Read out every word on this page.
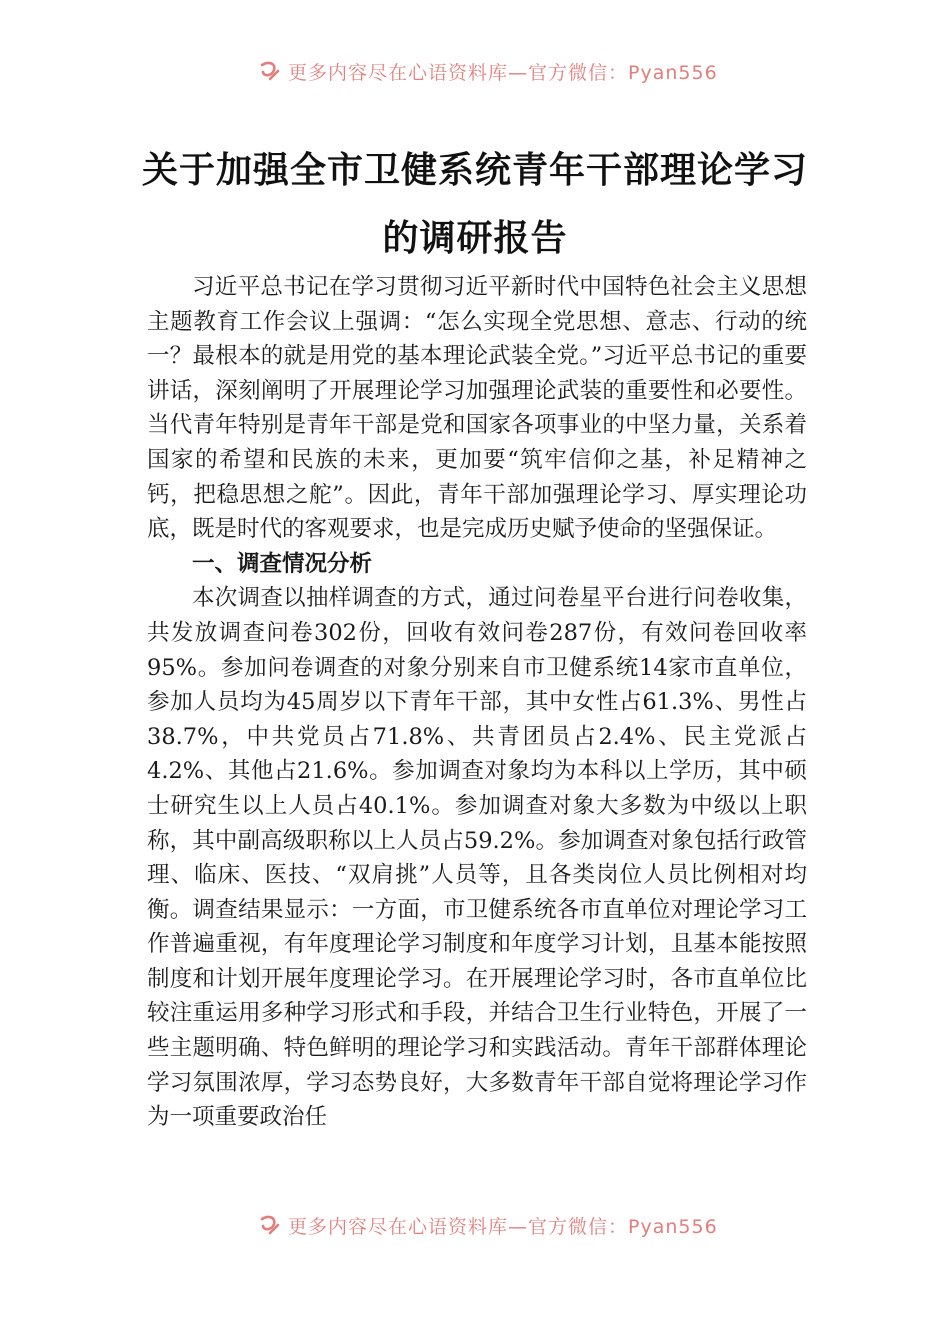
更多内容尽在心语资料库—官方微信：Pyan556
关于加强全市卫健系统青年干部理论学习
的调研报告

习近平总书记在学习贯彻习近平新时代中国特色社会主义思想主题教育工作会议上强调：“怎么实现全党思想、意志、行动的统一？最根本的就是用党的基本理论武装全党。”习近平总书记的重要讲话，深刻阐明了开展理论学习加强理论武装的重要性和必要性。当代青年特别是青年干部是党和国家各项事业的中坚力量，关系着国家的希望和民族的未来，更加要“筑牢信仰之基，补足精神之钙，把稳思想之舵”。因此，青年干部加强理论学习、厚实理论功底，既是时代的客观要求，也是完成历史赋予使命的坚强保证。

一、调查情况分析

本次调查以抽样调查的方式，通过问卷星平台进行问卷收集，共发放调查问卷302份，回收有效问卷287份，有效问卷回收率95%。参加问卷调查的对象分别来自市卫健系统14家市直单位，参加人员均为45周岁以下青年干部，其中女性占61.3%、男性占38.7%，中共党员占71.8%、共青团员占2.4%、民主党派占4.2%、其他占21.6%。参加调查对象均为本科以上学历，其中硕士研究生以上人员占40.1%。参加调查对象大多数为中级以上职称，其中副高级职称以上人员占59.2%。参加调查对象包括行政管理、临床、医技、“双肩挑”人员等，且各类岗位人员比例相对均衡。调查结果显示：一方面，市卫健系统各市直单位对理论学习工作普遍重视，有年度理论学习制度和年度学习计划，且基本能按照制度和计划开展年度理论学习。在开展理论学习时，各市直单位比较注重运用多种学习形式和手段，并结合卫生行业特色，开展了一些主题明确、特色鲜明的理论学习和实践活动。青年干部群体理论学习氛围浓厚，学习态势良好，大多数青年干部自觉将理论学习作为一项重要政治任

更多内容尽在心语资料库—官方微信：Pyan556
